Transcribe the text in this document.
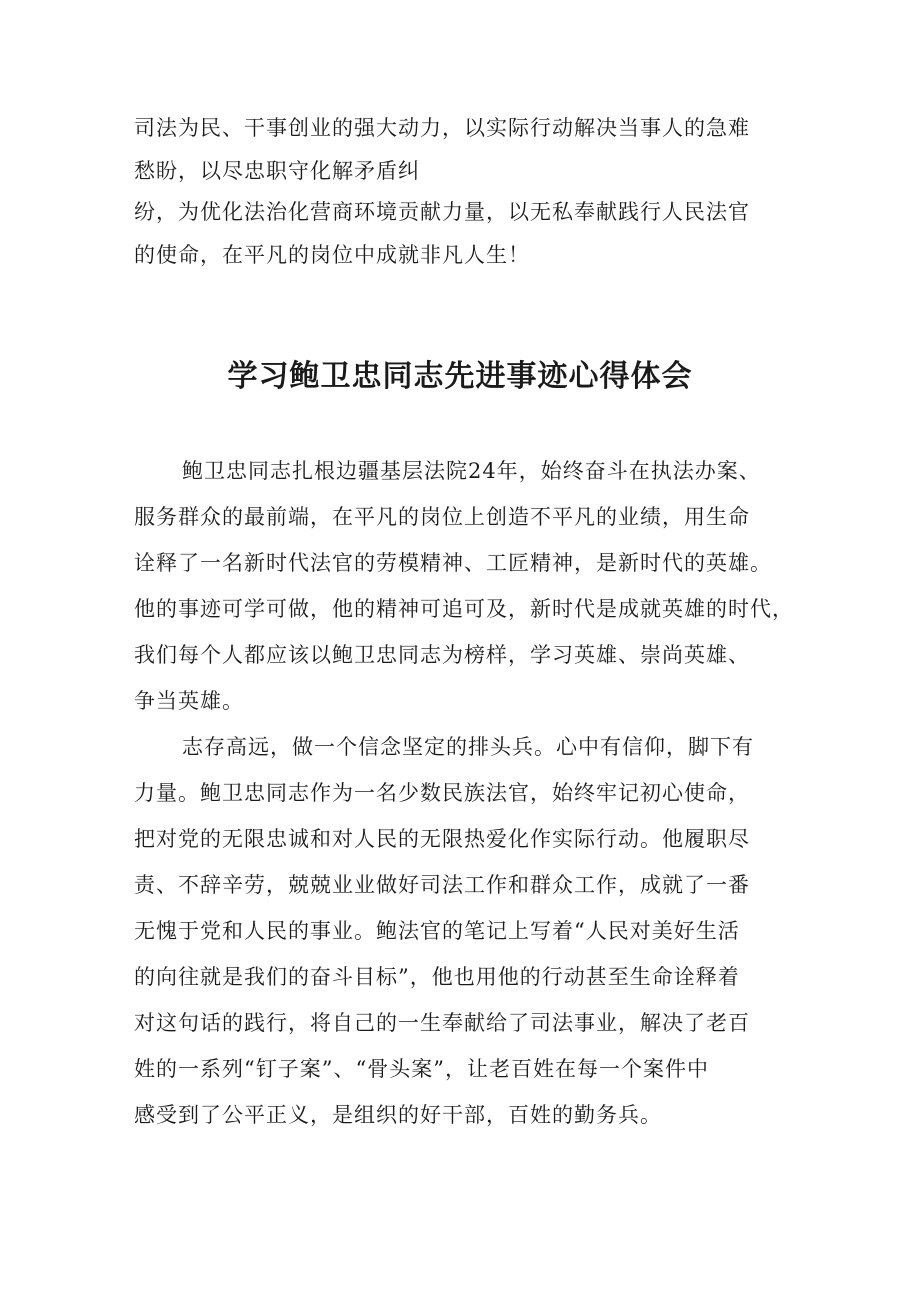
司法为民、干事创业的强大动力，以实际行动解决当事人的急难
愁盼，以尽忠职守化解矛盾纠
纷，为优化法治化营商环境贡献力量，以无私奉献践行人民法官
的使命，在平凡的岗位中成就非凡人生！
学习鲍卫忠同志先进事迹心得体会
鲍卫忠同志扎根边疆基层法院24年，始终奋斗在执法办案、
服务群众的最前端，在平凡的岗位上创造不平凡的业绩，用生命
诠释了一名新时代法官的劳模精神、工匠精神，是新时代的英雄。
他的事迹可学可做，他的精神可追可及，新时代是成就英雄的时代，
我们每个人都应该以鲍卫忠同志为榜样，学习英雄、崇尚英雄、
争当英雄。
志存高远，做一个信念坚定的排头兵。心中有信仰，脚下有
力量。鲍卫忠同志作为一名少数民族法官，始终牢记初心使命，
把对党的无限忠诚和对人民的无限热爱化作实际行动。他履职尽
责、不辞辛劳，兢兢业业做好司法工作和群众工作，成就了一番
无愧于党和人民的事业。鲍法官的笔记上写着“人民对美好生活
的向往就是我们的奋斗目标”，他也用他的行动甚至生命诠释着
对这句话的践行，将自己的一生奉献给了司法事业，解决了老百
姓的一系列“钉子案”、“骨头案”，让老百姓在每一个案件中
感受到了公平正义，是组织的好干部，百姓的勤务兵。
